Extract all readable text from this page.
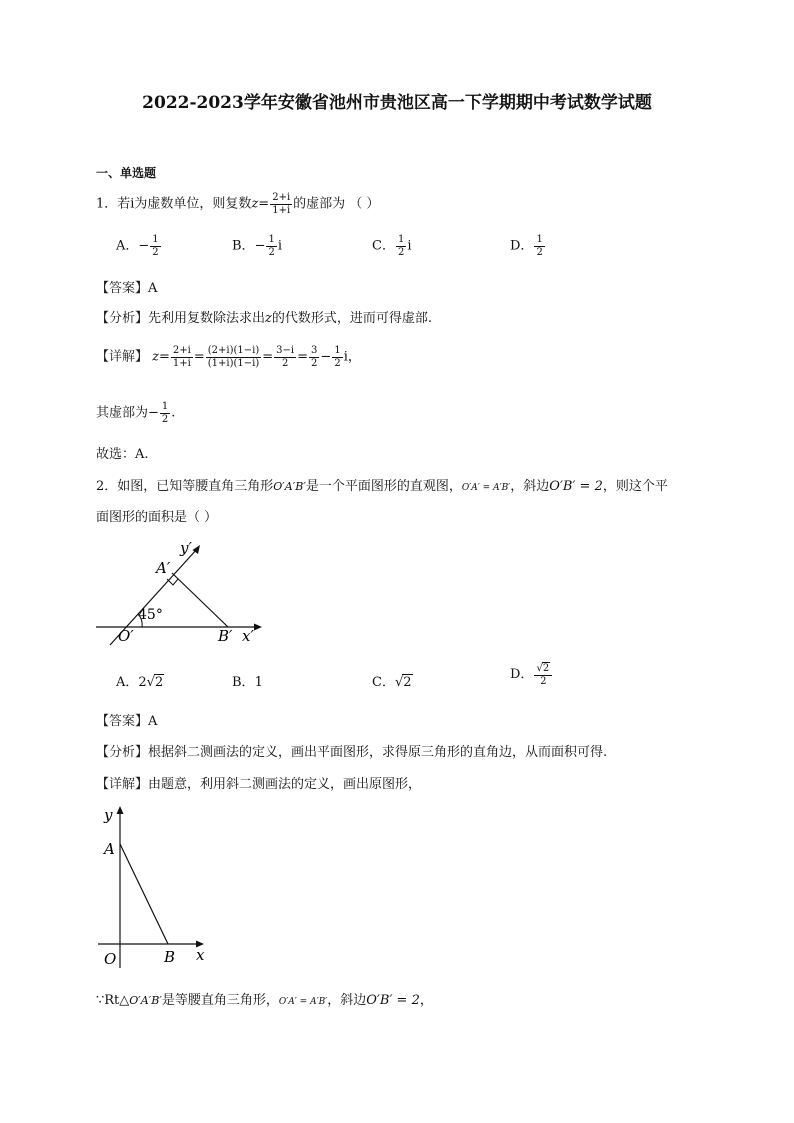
2022-2023学年安徽省池州市贵池区高一下学期期中考试数学试题
一、单选题
1．若i为虚数单位，则复数$z= \frac{2+i}{1+i}$ 的虚部为 （ ）
A．− $\frac{1}{2}$	B．− $\frac{1}{2}$ i	C． $\frac{1}{2}$ i	D． $\frac{1}{2}$
【答案】A
【分析】先利用复数除法求出z的代数形式，进而可得虚部.
【详解】 $z= \frac{2+i}{1+i} = \frac{(2+i)(1-i)}{(1+i)(1-i)} = \frac{3-i}{2} = \frac{3}{2} - \frac{1}{2}$ i，
其虚部为− $\frac{1}{2}$ .
故选：A.
2．如图，已知等腰直角三角形O′A′B′是一个平面图形的直观图，O′A′ = A′B′，斜边O′B′ = 2，则这个平
面图形的面积是（ ）
y′
A′
45°
O′	B′ x′
A．2√2	B．1	C．√2
D． $\frac{√2}{2}$
【答案】A
【分析】根据斜二测画法的定义，画出平面图形，求得原三角形的直角边，从而面积可得.
【详解】由题意，利用斜二测画法的定义，画出原图形，
y
A
O	B x
∵Rt△O′A′B′是等腰直角三角形，O′A′ = A′B′，斜边O′B′ = 2，
